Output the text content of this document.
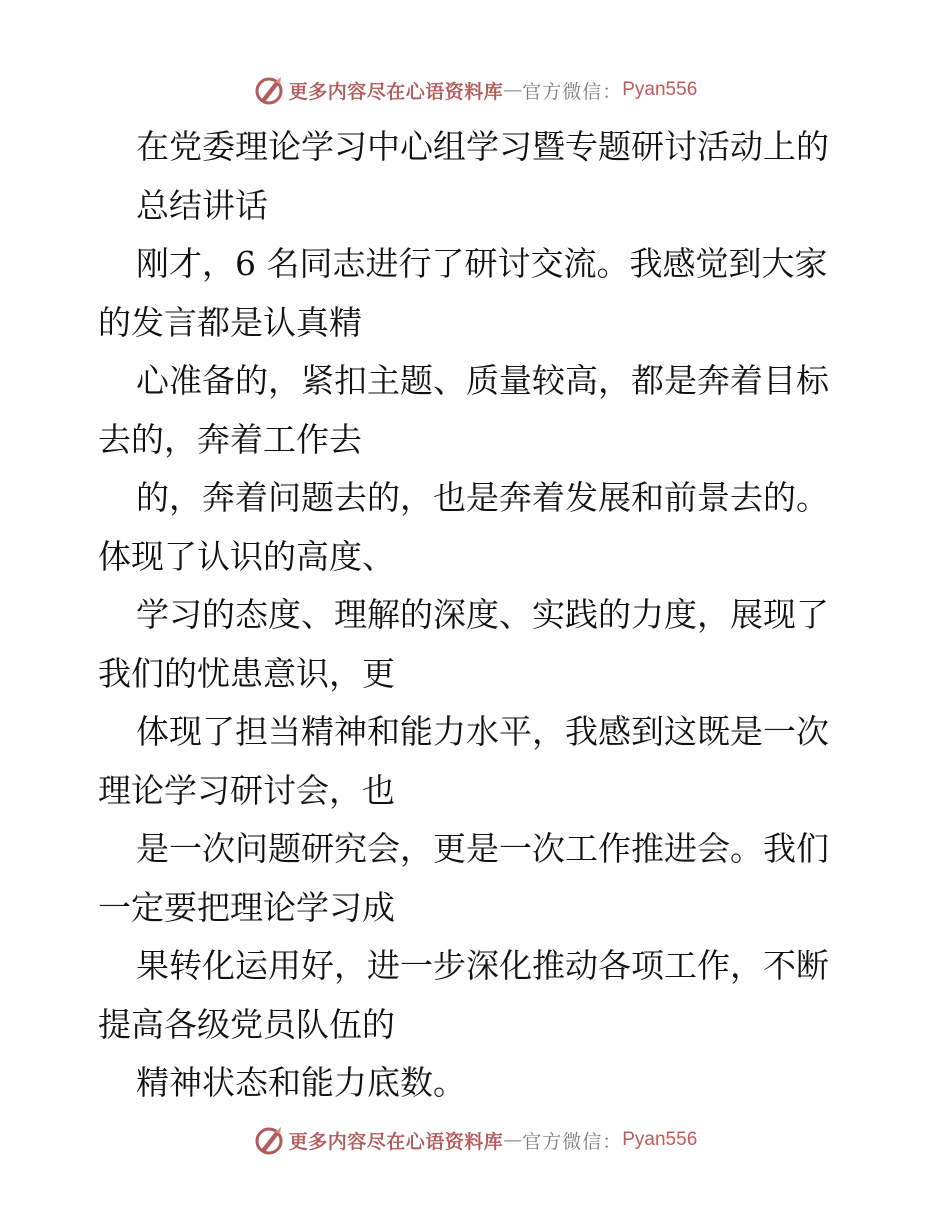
更多内容尽在心语资料库 — 官方微信： Pyan556
在党委理论学习中心组学习暨专题研讨活动上的
总结讲话
刚才，6 名同志进行了研讨交流。我感觉到大家
的发言都是认真精
心准备的，紧扣主题、质量较高，都是奔着目标
去的，奔着工作去
的，奔着问题去的，也是奔着发展和前景去的。
体现了认识的高度、
学习的态度、理解的深度、实践的力度，展现了
我们的忧患意识，更
体现了担当精神和能力水平，我感到这既是一次
理论学习研讨会，也
是一次问题研究会，更是一次工作推进会。我们
一定要把理论学习成
果转化运用好，进一步深化推动各项工作，不断
提高各级党员队伍的
精神状态和能力底数。
更多内容尽在心语资料库 — 官方微信： Pyan556
